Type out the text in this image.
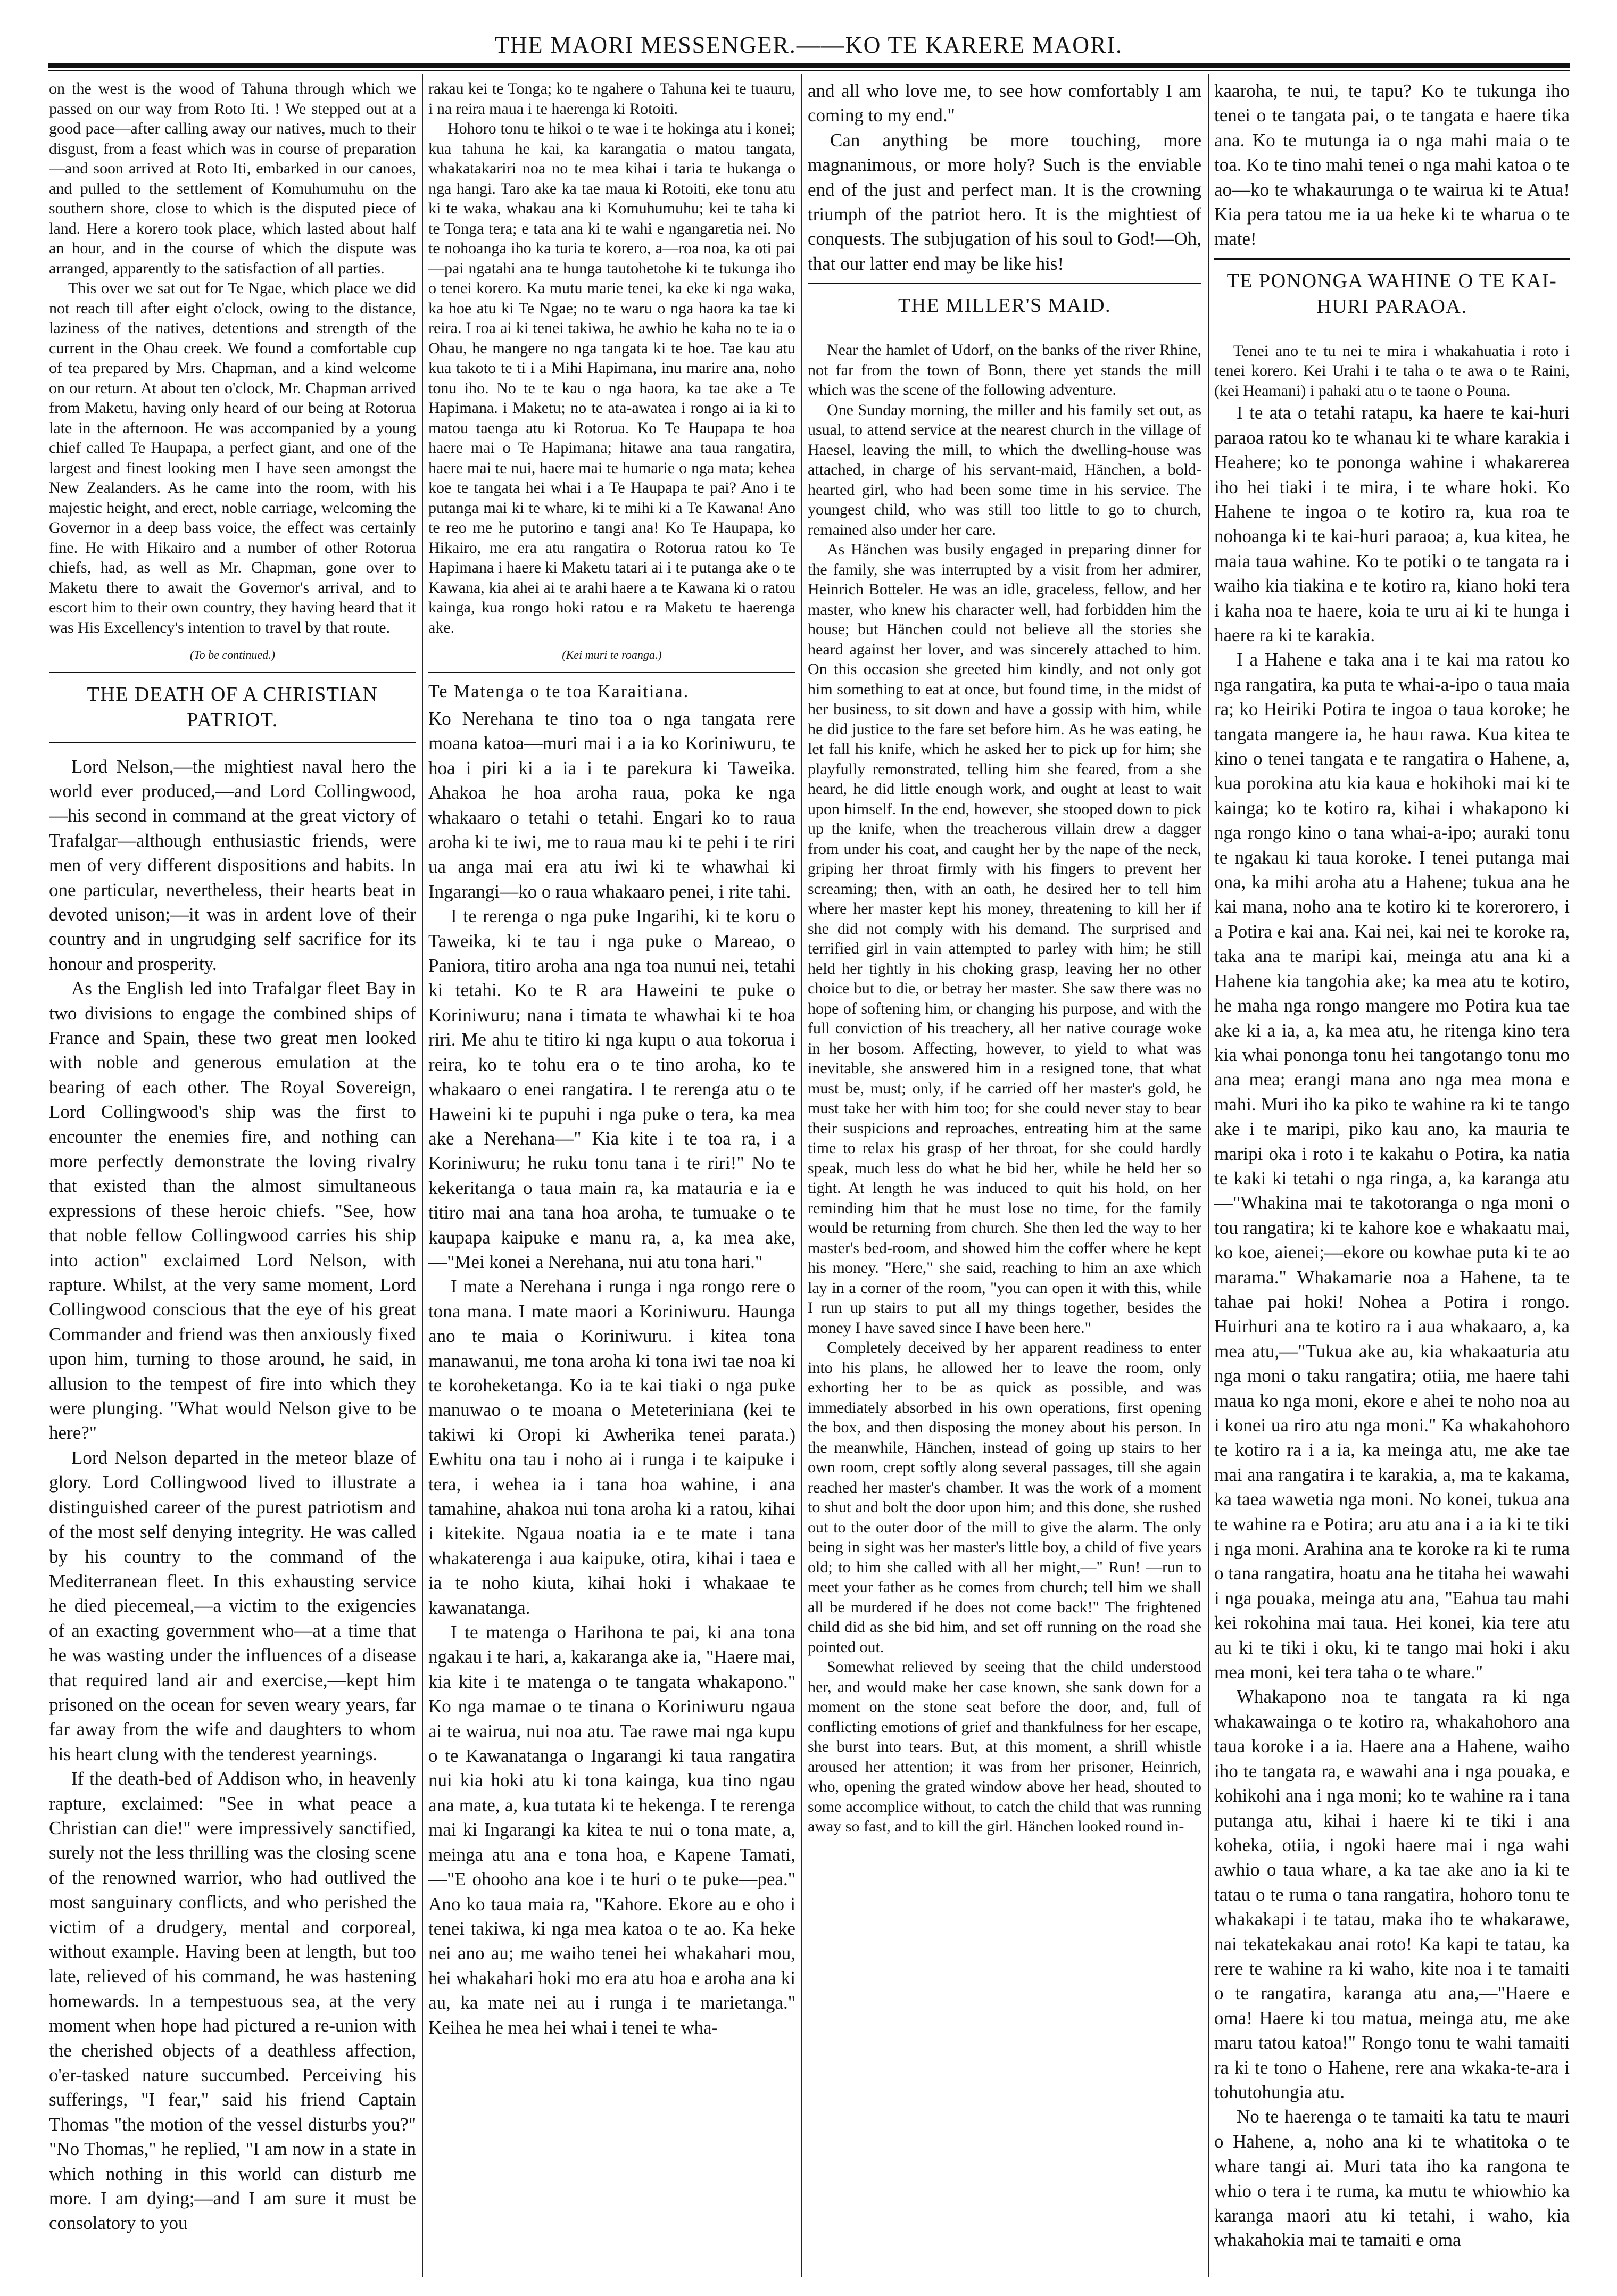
THE MAORI MESSENGER.——KO TE KARERE MAORI.

on the west is the wood of Tahuna through which we passed on our way from Roto Iti. ! We stepped out at a good pace—after calling away our natives, much to their disgust, from a feast which was in course of preparation—and soon arrived at Roto Iti, embarked in our canoes, and pulled to the settlement of Komuhumuhu on the southern shore, close to which is the disputed piece of land. Here a korero took place, which lasted about half an hour, and in the course of which the dispute was arranged, apparently to the satisfaction of all parties.

This over we sat out for Te Ngae, which place we did not reach till after eight o'clock, owing to the distance, laziness of the natives, detentions and strength of the current in the Ohau creek. We found a comfortable cup of tea prepared by Mrs. Chapman, and a kind welcome on our return. At about ten o'clock, Mr. Chapman arrived from Maketu, having only heard of our being at Rotorua late in the afternoon. He was accompanied by a young chief called Te Haupapa, a perfect giant, and one of the largest and finest looking men I have seen amongst the New Zealanders. As he came into the room, with his majestic height, and erect, noble carriage, welcoming the Governor in a deep bass voice, the effect was certainly fine. He with Hikairo and a number of other Rotorua chiefs, had, as well as Mr. Chapman, gone over to Maketu there to await the Governor's arrival, and to escort him to their own country, they having heard that it was His Excellency's intention to travel by that route.

(To be continued.)
THE DEATH OF A CHRISTIAN PATRIOT.

Lord Nelson,—the mightiest naval hero the world ever produced,—and Lord Collingwood,—his second in command at the great victory of Trafalgar—although enthusiastic friends, were men of very different dispositions and habits. In one particular, nevertheless, their hearts beat in devoted unison;—it was in ardent love of their country and in ungrudging self sacrifice for its honour and prosperity.

As the English led into Trafalgar fleet Bay in two divisions to engage the combined ships of France and Spain, these two great men looked with noble and generous emulation at the bearing of each other. The Royal Sovereign, Lord Collingwood's ship was the first to encounter the enemies fire, and nothing can more perfectly demonstrate the loving rivalry that existed than the almost simultaneous expressions of these heroic chiefs. "See, how that noble fellow Collingwood carries his ship into action" exclaimed Lord Nelson, with rapture. Whilst, at the very same moment, Lord Collingwood conscious that the eye of his great Commander and friend was then anxiously fixed upon him, turning to those around, he said, in allusion to the tempest of fire into which they were plunging. "What would Nelson give to be here?"

Lord Nelson departed in the meteor blaze of glory. Lord Collingwood lived to illustrate a distinguished career of the purest patriotism and of the most self denying integrity. He was called by his country to the command of the Mediterranean fleet. In this exhausting service he died piecemeal,—a victim to the exigencies of an exacting government who—at a time that he was wasting under the influences of a disease that required land air and exercise,—kept him prisoned on the ocean for seven weary years, far far away from the wife and daughters to whom his heart clung with the tenderest yearnings.

If the death-bed of Addison who, in heavenly rapture, exclaimed: "See in what peace a Christian can die!" were impressively sanctified, surely not the less thrilling was the closing scene of the renowned warrior, who had outlived the most sanguinary conflicts, and who perished the victim of a drudgery, mental and corporeal, without example. Having been at length, but too late, relieved of his command, he was hastening homewards. In a tempestuous sea, at the very moment when hope had pictured a re-union with the cherished objects of a deathless affection, o'er-tasked nature succumbed. Perceiving his sufferings, "I fear," said his friend Captain Thomas "the motion of the vessel disturbs you?" "No Thomas," he replied, "I am now in a state in which nothing in this world can disturb me more. I am dying;—and I am sure it must be consolatory to you

rakau kei te Tonga; ko te ngahere o Tahuna kei te tuauru, i na reira maua i te haerenga ki Rotoiti.

Hohoro tonu te hikoi o te wae i te hokinga atu i konei; kua tahuna he kai, ka karangatia o matou tangata, whakatakariri noa no te mea kihai i taria te hukanga o nga hangi. Taro ake ka tae maua ki Rotoiti, eke tonu atu ki te waka, whakau ana ki Komuhumuhu; kei te taha ki te Tonga tera; e tata ana ki te wahi e ngangaretia nei. No te nohoanga iho ka turia te korero, a—roa noa, ka oti pai—pai ngatahi ana te hunga tautohetohe ki te tukunga iho o tenei korero. Ka mutu marie tenei, ka eke ki nga waka, ka hoe atu ki Te Ngae; no te waru o nga haora ka tae ki reira. I roa ai ki tenei takiwa, he awhio he kaha no te ia o Ohau, he mangere no nga tangata ki te hoe. Tae kau atu kua takoto te ti i a Mihi Hapimana, inu marire ana, noho tonu iho. No te te kau o nga haora, ka tae ake a Te Hapimana. i Maketu; no te ata-awatea i rongo ai ia ki to matou taenga atu ki Rotorua. Ko Te Haupapa te hoa haere mai o Te Hapimana; hitawe ana taua rangatira, haere mai te nui, haere mai te humarie o nga mata; kehea koe te tangata hei whai i a Te Haupapa te pai? Ano i te putanga mai ki te whare, ki te mihi ki a Te Kawana! Ano te reo me he putorino e tangi ana! Ko Te Haupapa, ko Hikairo, me era atu rangatira o Rotorua ratou ko Te Hapimana i haere ki Maketu tatari ai i te putanga ake o te Kawana, kia ahei ai te arahi haere a te Kawana ki o ratou kainga, kua rongo hoki ratou e ra Maketu te haerenga ake.

(Kei muri te roanga.)
Te Matenga o te toa Karaitiana.

Ko Nerehana te tino toa o nga tangata rere moana katoa—muri mai i a ia ko Koriniwuru, te hoa i piri ki a ia i te parekura ki Taweika. Ahakoa he hoa aroha raua, poka ke nga whakaaro o tetahi o tetahi. Engari ko to raua aroha ki te iwi, me to raua mau ki te pehi i te riri ua anga mai era atu iwi ki te whawhai ki Ingarangi—ko o raua whakaaro penei, i rite tahi.

I te rerenga o nga puke Ingarihi, ki te koru o Taweika, ki te tau i nga puke o Mareao, o Paniora, titiro aroha ana nga toa nunui nei, tetahi ki tetahi. Ko te R ara Haweini te puke o Koriniwuru; nana i timata te whawhai ki te hoa riri. Me ahu te titiro ki nga kupu o aua tokorua i reira, ko te tohu era o te tino aroha, ko te whakaaro o enei rangatira. I te rerenga atu o te Haweini ki te pupuhi i nga puke o tera, ka mea ake a Nerehana—" Kia kite i te toa ra, i a Koriniwuru; he ruku tonu tana i te riri!" No te kekeritanga o taua main ra, ka matauria e ia e titiro mai ana tana hoa aroha, te tumuake o te kaupapa kaipuke e manu ra, a, ka mea ake,—"Mei konei a Nerehana, nui atu tona hari."

I mate a Nerehana i runga i nga rongo rere o tona mana. I mate maori a Koriniwuru. Haunga ano te maia o Koriniwuru. i kitea tona manawanui, me tona aroha ki tona iwi tae noa ki te koroheketanga. Ko ia te kai tiaki o nga puke manuwao o te moana o Meteteriniana (kei te takiwi ki Oropi ki Awherika tenei parata.) Ewhitu ona tau i noho ai i runga i te kaipuke i tera, i wehea ia i tana hoa wahine, i ana tamahine, ahakoa nui tona aroha ki a ratou, kihai i kitekite. Ngaua noatia ia e te mate i tana whakaterenga i aua kaipuke, otira, kihai i taea e ia te noho kiuta, kihai hoki i whakaae te kawanatanga.

I te matenga o Harihona te pai, ki ana tona ngakau i te hari, a, kakaranga ake ia, "Haere mai, kia kite i te matenga o te tangata whakapono." Ko nga mamae o te tinana o Koriniwuru ngaua ai te wairua, nui noa atu. Tae rawe mai nga kupu o te Kawanatanga o Ingarangi ki taua rangatira nui kia hoki atu ki tona kainga, kua tino ngau ana mate, a, kua tutata ki te hekenga. I te rerenga mai ki Ingarangi ka kitea te nui o tona mate, a, meinga atu ana e tona hoa, e Kapene Tamati,—"E ohooho ana koe i te huri o te puke—pea." Ano ko taua maia ra, "Kahore. Ekore au e oho i tenei takiwa, ki nga mea katoa o te ao. Ka heke nei ano au; me waiho tenei hei whakahari mou, hei whakahari hoki mo era atu hoa e aroha ana ki au, ka mate nei au i runga i te marietanga." Keihea he mea hei whai i tenei te wha-

and all who love me, to see how comfortably I am coming to my end."

Can anything be more touching, more magnanimous, or more holy? Such is the enviable end of the just and perfect man. It is the crowning triumph of the patriot hero. It is the mightiest of conquests. The subjugation of his soul to God!—Oh, that our latter end may be like his!

THE MILLER'S MAID.

Near the hamlet of Udorf, on the banks of the river Rhine, not far from the town of Bonn, there yet stands the mill which was the scene of the following adventure.

One Sunday morning, the miller and his family set out, as usual, to attend service at the nearest church in the village of Haesel, leaving the mill, to which the dwelling-house was attached, in charge of his servant-maid, Hänchen, a bold-hearted girl, who had been some time in his service. The youngest child, who was still too little to go to church, remained also under her care.

As Hänchen was busily engaged in preparing dinner for the family, she was interrupted by a visit from her admirer, Heinrich Botteler. He was an idle, graceless, fellow, and her master, who knew his character well, had forbidden him the house; but Hänchen could not believe all the stories she heard against her lover, and was sincerely attached to him. On this occasion she greeted him kindly, and not only got him something to eat at once, but found time, in the midst of her business, to sit down and have a gossip with him, while he did justice to the fare set before him. As he was eating, he let fall his knife, which he asked her to pick up for him; she playfully remonstrated, telling him she feared, from a she heard, he did little enough work, and ought at least to wait upon himself. In the end, however, she stooped down to pick up the knife, when the treacherous villain drew a dagger from under his coat, and caught her by the nape of the neck, griping her throat firmly with his fingers to prevent her screaming; then, with an oath, he desired her to tell him where her master kept his money, threatening to kill her if she did not comply with his demand. The surprised and terrified girl in vain attempted to parley with him; he still held her tightly in his choking grasp, leaving her no other choice but to die, or betray her master. She saw there was no hope of softening him, or changing his purpose, and with the full conviction of his treachery, all her native courage woke in her bosom. Affecting, however, to yield to what was inevitable, she answered him in a resigned tone, that what must be, must; only, if he carried off her master's gold, he must take her with him too; for she could never stay to bear their suspicions and reproaches, entreating him at the same time to relax his grasp of her throat, for she could hardly speak, much less do what he bid her, while he held her so tight. At length he was induced to quit his hold, on her reminding him that he must lose no time, for the family would be returning from church. She then led the way to her master's bed-room, and showed him the coffer where he kept his money. "Here," she said, reaching to him an axe which lay in a corner of the room, "you can open it with this, while I run up stairs to put all my things together, besides the money I have saved since I have been here."

Completely deceived by her apparent readiness to enter into his plans, he allowed her to leave the room, only exhorting her to be as quick as possible, and was immediately absorbed in his own operations, first opening the box, and then disposing the money about his person. In the meanwhile, Hänchen, instead of going up stairs to her own room, crept softly along several passages, till she again reached her master's chamber. It was the work of a moment to shut and bolt the door upon him; and this done, she rushed out to the outer door of the mill to give the alarm. The only being in sight was her master's little boy, a child of five years old; to him she called with all her might,—" Run! —run to meet your father as he comes from church; tell him we shall all be murdered if he does not come back!" The frightened child did as she bid him, and set off running on the road she pointed out.

Somewhat relieved by seeing that the child understood her, and would make her case known, she sank down for a moment on the stone seat before the door, and, full of conflicting emotions of grief and thankfulness for her escape, she burst into tears. But, at this moment, a shrill whistle aroused her attention; it was from her prisoner, Heinrich, who, opening the grated window above her head, shouted to some accomplice without, to catch the child that was running away so fast, and to kill the girl. Hänchen looked round in-

kaaroha, te nui, te tapu? Ko te tukunga iho tenei o te tangata pai, o te tangata e haere tika ana. Ko te mutunga ia o nga mahi maia o te toa. Ko te tino mahi tenei o nga mahi katoa o te ao—ko te whakaurunga o te wairua ki te Atua! Kia pera tatou me ia ua heke ki te wharua o te mate!

TE PONONGA WAHINE O TE KAI-HURI PARAOA.

Tenei ano te tu nei te mira i whakahuatia i roto i tenei korero. Kei Urahi i te taha o te awa o te Raini, (kei Heamani) i pahaki atu o te taone o Pouna.

I te ata o tetahi ratapu, ka haere te kai-huri paraoa ratou ko te whanau ki te whare karakia i Heahere; ko te ponongа wahine i whakarerea iho hei tiaki i te mira, i te whare hoki. Ko Hahene te ingoa o te kotiro ra, kua roa te nohoanga ki te kai-huri paraoa; a, kua kitea, he maia taua wahine. Ko te potiki o te tangata ra i waiho kia tiakina e te kotiro ra, kiano hoki tera i kaha noa te haere, koia te uru ai ki te hunga i haere ra ki te karakia.

I a Hahene e taka ana i te kai ma ratou ko nga rangatira, ka puta te whai-a-ipo o taua maia ra; ko Heiriki Potira te ingoa o taua koroke; he tangata mangere ia, he hauı rawa. Kua kitea te kino o tenei tangata e te rangatira o Hahene, a, kua porokina atu kia kaua e hokihoki mai ki te kainga; ko te kotiro ra, kihai i whakapono ki nga rongo kino o tana whai-a-ipo; auraki tonu te ngakau ki taua koroke. I tenei putanga mai ona, ka mihi aroha atu a Hahene; tukua ana he kai mana, noho ana te kotiro ki te korerorero, i a Potira e kai ana. Kai nei, kai nei te koroke ra, taka ana te maripi kai, meinga atu ana ki a Hahene kia tangohia ake; ka mea atu te kotiro, he maha nga rongo mangere mo Potira kua tae ake ki a ia, a, ka mea atu, he ritenga kino tera kia whai pononga tonu hei tangotango tonu mo ana mea; erangi mana ano nga mea mona e mahi. Muri iho ka piko te wahine ra ki te tango ake i te maripi, piko kau ano, ka mauria te maripi oka i roto i te kakahu o Potira, ka natia te kaki ki tetahi o nga ringa, a, ka karanga atu—"Whakina mai te takotoranga o nga moni o tou rangatira; ki te kahore koe e whakaatu mai, ko koe, aienei;—ekore ou kowhae puta ki te ao marama." Whakamarie noa a Hahene, ta te tahae pai hoki! Nohea a Potira i rongo. Huirhuri ana te kotiro ra i aua whakaaro, a, ka mea atu,—"Tukua ake au, kia whakaaturia atu nga moni o taku rangatira; otiia, me haere tahi maua ko nga moni, ekore e ahei te noho noa au i konei ua riro atu nga moni." Ka whakahohoro te kotiro ra i a ia, ka meinga atu, me ake tae mai ana rangatira i te karakia, a, ma te kakama, ka taea wawetia nga moni. No konei, tukua ana te wahine ra e Potira; aru atu ana i a ia ki te tiki i nga moni. Arahina ana te koroke ra ki te ruma o tana rangatira, hoatu ana he titaha hei wawahi i nga pouaka, meinga atu ana, "Eahua tau mahi kei rokohina mai taua. Hei konei, kia tere atu au ki te tiki i oku, ki te tango mai hoki i aku mea moni, kei tera taha o te whare."

Whakapono noa te tangata ra ki nga whakawainga o te kotiro ra, whakahohoro ana taua koroke i a ia. Haere ana a Hahene, waiho iho te tangata ra, e wawahi ana i nga pouaka, e kohikohi ana i nga moni; ko te wahine ra i tana putanga atu, kihai i haere ki te tiki i ana koheka, otiia, i ngoki haere mai i nga wahi awhio o taua whare, a ka tae ake ano ia ki te tatau o te ruma o tana rangatira, hohoro tonu te whakakapi i te tatau, maka iho te whakarawe, nai tekatekakau anai roto! Ka kapi te tatau, ka rere te wahine ra ki waho, kite noa i te tamaiti o te rangatira, karanga atu ana,—"Haere e oma! Haere ki tou matua, meinga atu, me ake maru tatou katoa!" Rongo tonu te wahi tamaiti ra ki te tono o Hahene, rere ana wkaka-te-ara i tohutohungia atu.

No te haerenga o te tamaiti ka tatu te mauri o Hahene, a, noho ana ki te whatitoka o te whare tangi ai. Muri tata iho ka rangona te whio o tera i te ruma, ka mutu te whiowhio ka karanga maori atu ki tetahi, i waho, kia whakahokia mai te tamaiti e oma
